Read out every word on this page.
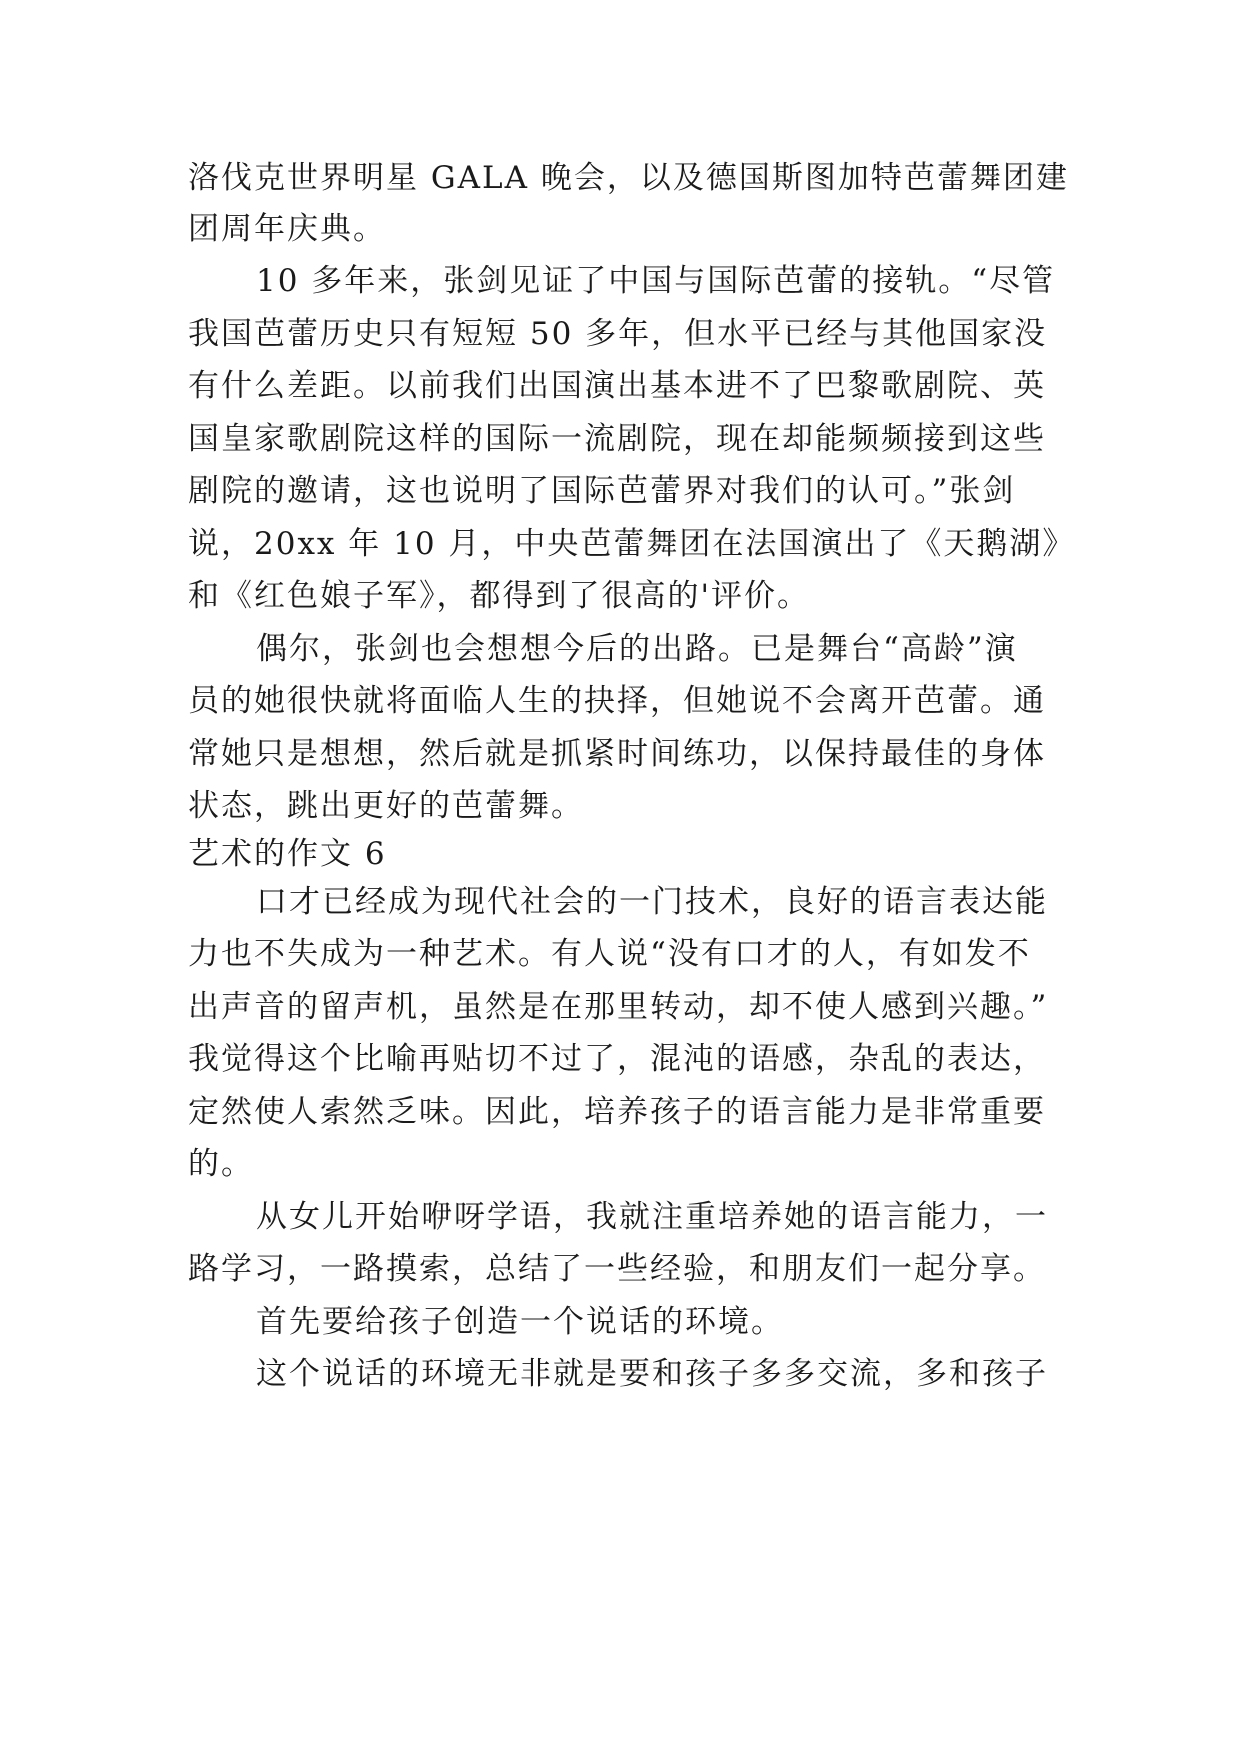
洛伐克世界明星 GALA 晚会，以及德国斯图加特芭蕾舞团建
团周年庆典。
10 多年来，张剑见证了中国与国际芭蕾的接轨。“尽管
我国芭蕾历史只有短短 50 多年，但水平已经与其他国家没
有什么差距。以前我们出国演出基本进不了巴黎歌剧院、英
国皇家歌剧院这样的国际一流剧院，现在却能频频接到这些
剧院的邀请，这也说明了国际芭蕾界对我们的认可。”张剑
说，20xx 年 10 月，中央芭蕾舞团在法国演出了《天鹅湖》
和《红色娘子军》，都得到了很高的'评价。
偶尔，张剑也会想想今后的出路。已是舞台“高龄”演
员的她很快就将面临人生的抉择，但她说不会离开芭蕾。通
常她只是想想，然后就是抓紧时间练功，以保持最佳的身体
状态，跳出更好的芭蕾舞。
艺术的作文 6
口才已经成为现代社会的一门技术，良好的语言表达能
力也不失成为一种艺术。有人说“没有口才的人，有如发不
出声音的留声机，虽然是在那里转动，却不使人感到兴趣。”
我觉得这个比喻再贴切不过了，混沌的语感，杂乱的表达，
定然使人索然乏味。因此，培养孩子的语言能力是非常重要
的。
从女儿开始咿呀学语，我就注重培养她的语言能力，一
路学习，一路摸索，总结了一些经验，和朋友们一起分享。
首先要给孩子创造一个说话的环境。
这个说话的环境无非就是要和孩子多多交流，多和孩子
